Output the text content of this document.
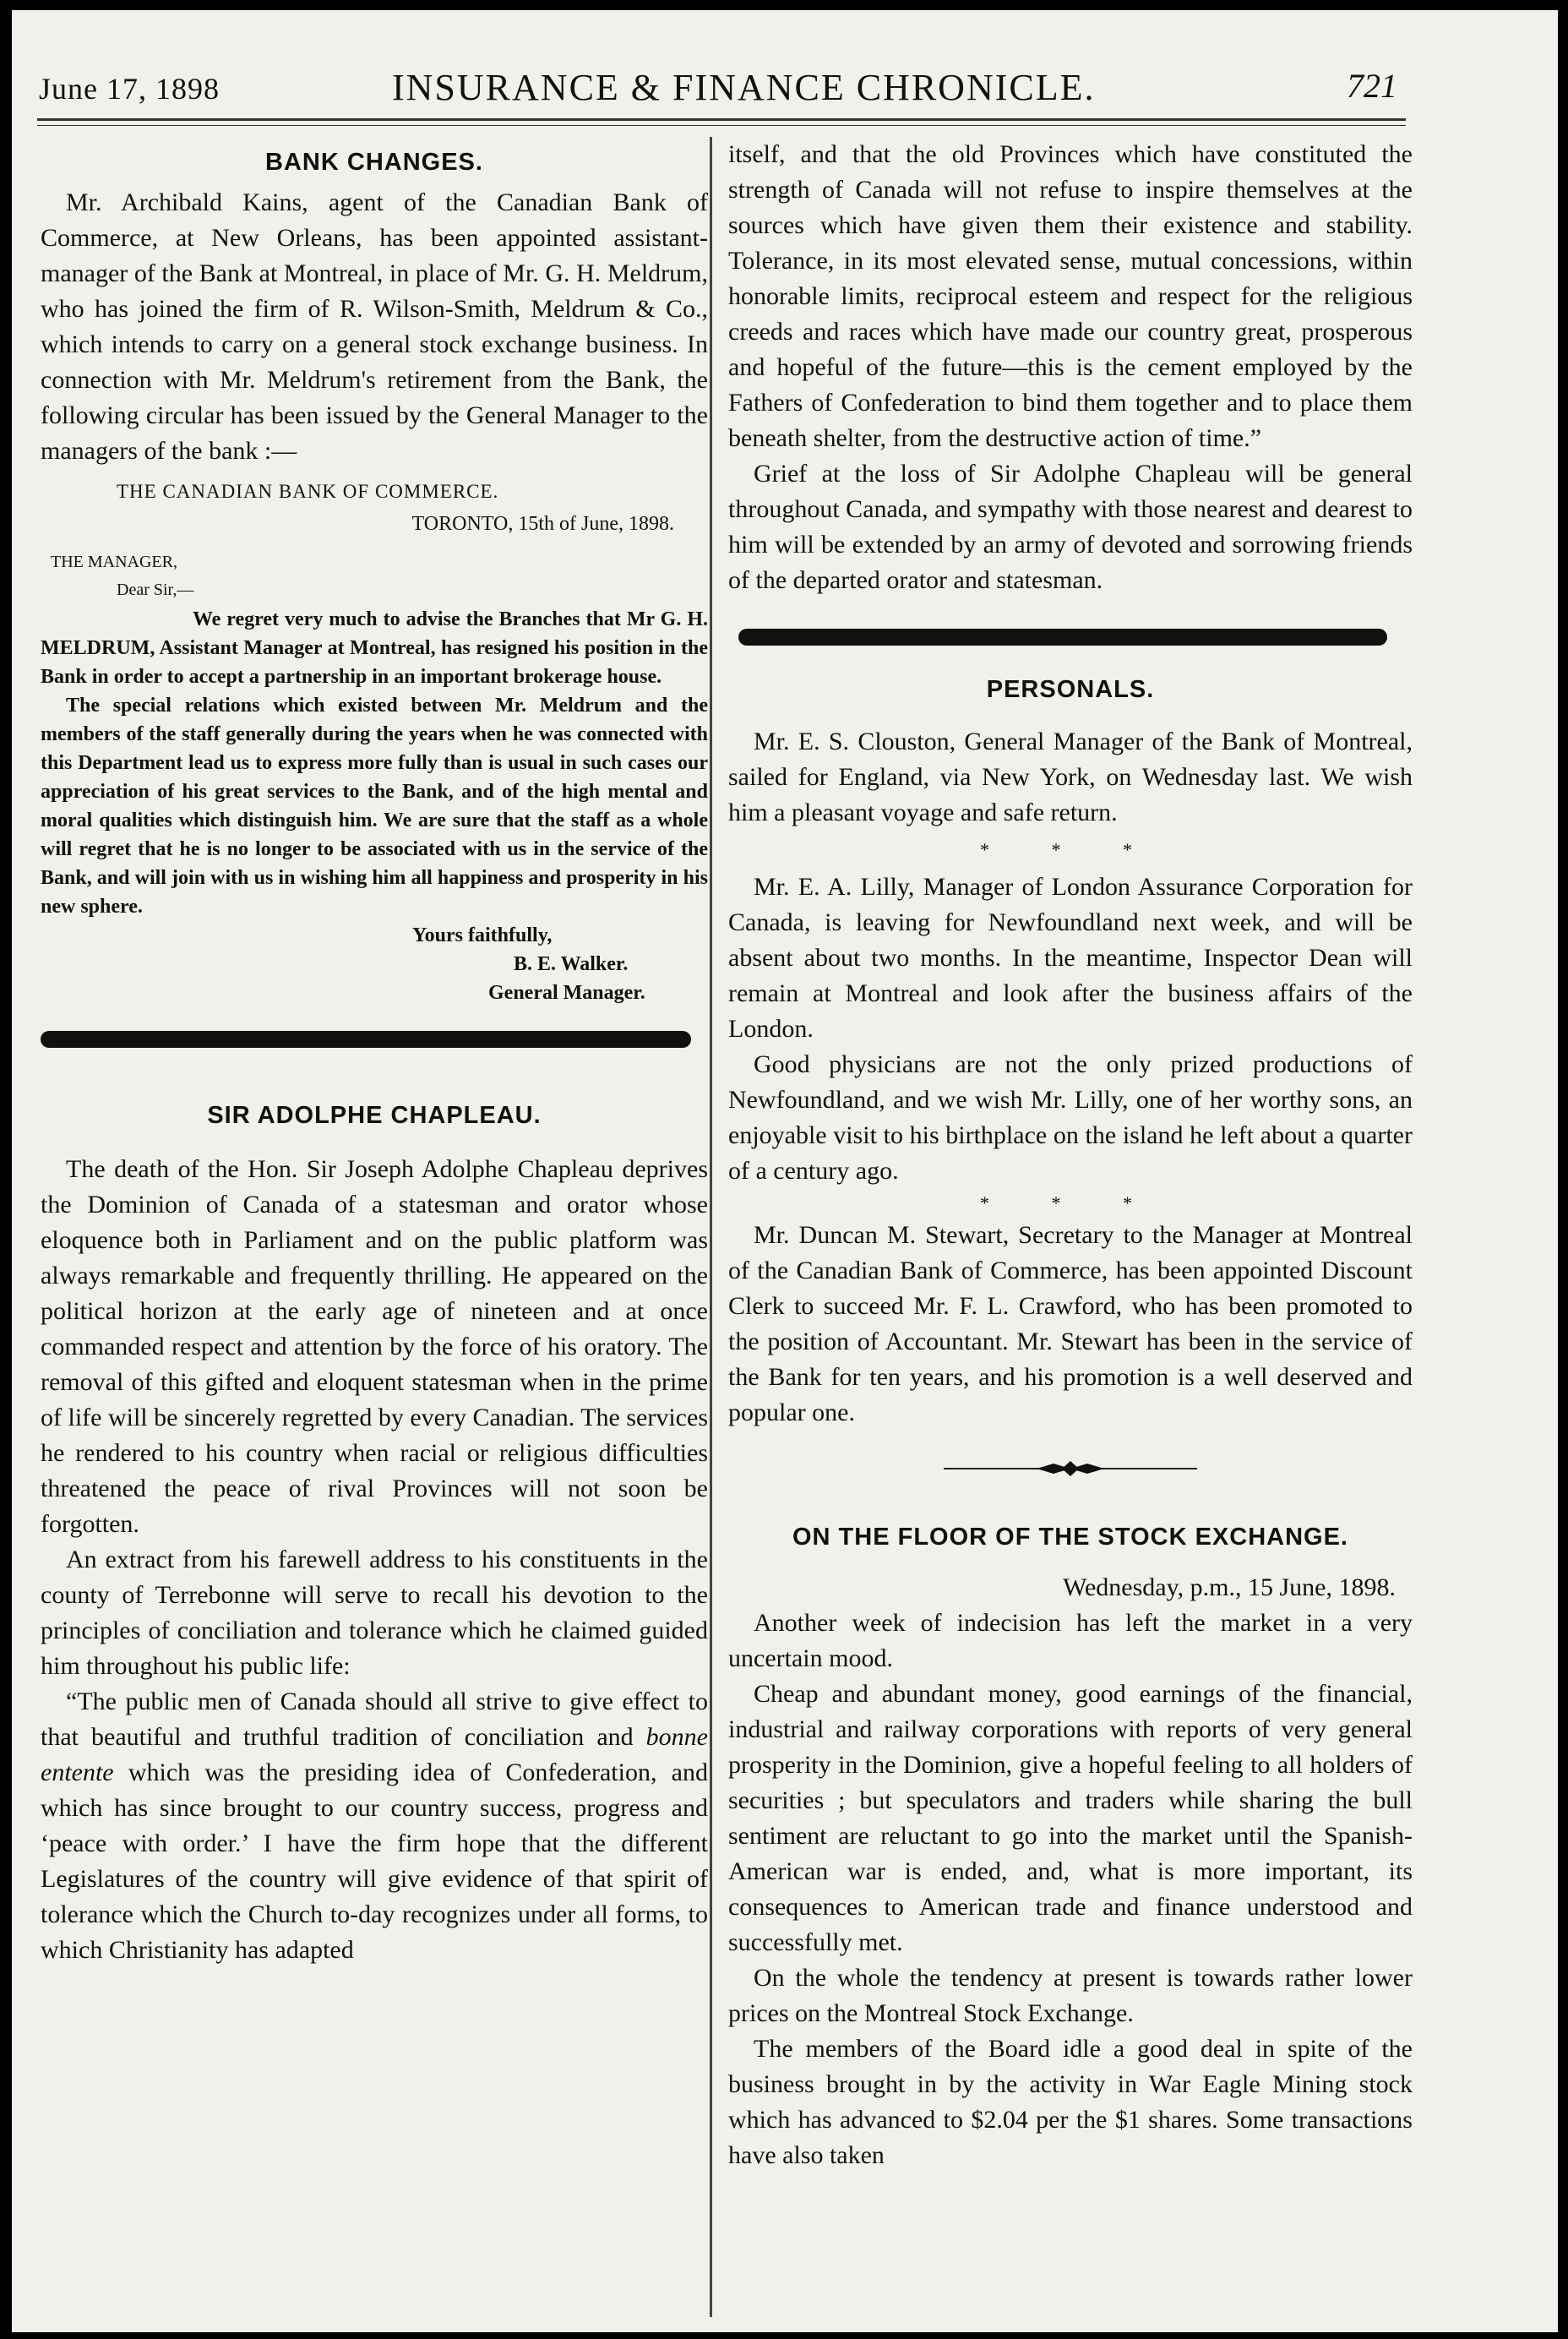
June 17, 1898	INSURANCE & FINANCE CHRONICLE.	721
BANK CHANGES.

Mr. Archibald Kains, agent of the Canadian Bank of Commerce, at New Orleans, has been appointed assistant-manager of the Bank at Montreal, in place of Mr. G. H. Meldrum, who has joined the firm of R. Wilson-Smith, Meldrum & Co., which intends to carry on a general stock exchange business. In connection with Mr. Meldrum's retirement from the Bank, the following circular has been issued by the General Manager to the managers of the bank :—

THE CANADIAN BANK OF COMMERCE.

TORONTO, 15th of June, 1898.

THE MANAGER,

Dear Sir,—

We regret very much to advise the Branches that Mr G. H. MELDRUM, Assistant Manager at Montreal, has resigned his position in the Bank in order to accept a partnership in an important brokerage house.

The special relations which existed between Mr. Meldrum and the members of the staff generally during the years when he was connected with this Department lead us to express more fully than is usual in such cases our appreciation of his great services to the Bank, and of the high mental and moral qualities which distinguish him. We are sure that the staff as a whole will regret that he is no longer to be associated with us in the service of the Bank, and will join with us in wishing him all happiness and prosperity in his new sphere.

Yours faithfully,

B. E. Walker.

General Manager.

SIR ADOLPHE CHAPLEAU.

The death of the Hon. Sir Joseph Adolphe Chapleau deprives the Dominion of Canada of a statesman and orator whose eloquence both in Parliament and on the public platform was always remarkable and frequently thrilling. He appeared on the political horizon at the early age of nineteen and at once commanded respect and attention by the force of his oratory. The removal of this gifted and eloquent statesman when in the prime of life will be sincerely regretted by every Canadian. The services he rendered to his country when racial or religious difficulties threatened the peace of rival Provinces will not soon be forgotten.

An extract from his farewell address to his constituents in the county of Terrebonne will serve to recall his devotion to the principles of conciliation and tolerance which he claimed guided him throughout his public life:

“The public men of Canada should all strive to give effect to that beautiful and truthful tradition of conciliation and bonne entente which was the presiding idea of Confederation, and which has since brought to our country success, progress and ‘peace with order.’ I have the firm hope that the different Legislatures of the country will give evidence of that spirit of tolerance which the Church to-day recognizes under all forms, to which Christianity has adapted

itself, and that the old Provinces which have constituted the strength of Canada will not refuse to inspire themselves at the sources which have given them their existence and stability. Tolerance, in its most elevated sense, mutual concessions, within honorable limits, reciprocal esteem and respect for the religious creeds and races which have made our country great, prosperous and hopeful of the future—this is the cement employed by the Fathers of Confederation to bind them together and to place them beneath shelter, from the destructive action of time.”

Grief at the loss of Sir Adolphe Chapleau will be general throughout Canada, and sympathy with those nearest and dearest to him will be extended by an army of devoted and sorrowing friends of the departed orator and statesman.

PERSONALS.

Mr. E. S. Clouston, General Manager of the Bank of Montreal, sailed for England, via New York, on Wednesday last. We wish him a pleasant voyage and safe return.

* * *

Mr. E. A. Lilly, Manager of London Assurance Corporation for Canada, is leaving for Newfoundland next week, and will be absent about two months. In the meantime, Inspector Dean will remain at Montreal and look after the business affairs of the London.

Good physicians are not the only prized productions of Newfoundland, and we wish Mr. Lilly, one of her worthy sons, an enjoyable visit to his birthplace on the island he left about a quarter of a century ago.

* * *

Mr. Duncan M. Stewart, Secretary to the Manager at Montreal of the Canadian Bank of Commerce, has been appointed Discount Clerk to succeed Mr. F. L. Crawford, who has been promoted to the position of Accountant. Mr. Stewart has been in the service of the Bank for ten years, and his promotion is a well deserved and popular one.

ON THE FLOOR OF THE STOCK EXCHANGE.

Wednesday, p.m., 15 June, 1898.

Another week of indecision has left the market in a very uncertain mood.

Cheap and abundant money, good earnings of the financial, industrial and railway corporations with reports of very general prosperity in the Dominion, give a hopeful feeling to all holders of securities ; but speculators and traders while sharing the bull sentiment are reluctant to go into the market until the Spanish-American war is ended, and, what is more important, its consequences to American trade and finance understood and successfully met.

On the whole the tendency at present is towards rather lower prices on the Montreal Stock Exchange.

The members of the Board idle a good deal in spite of the business brought in by the activity in War Eagle Mining stock which has advanced to $2.04 per the $1 shares. Some transactions have also taken
